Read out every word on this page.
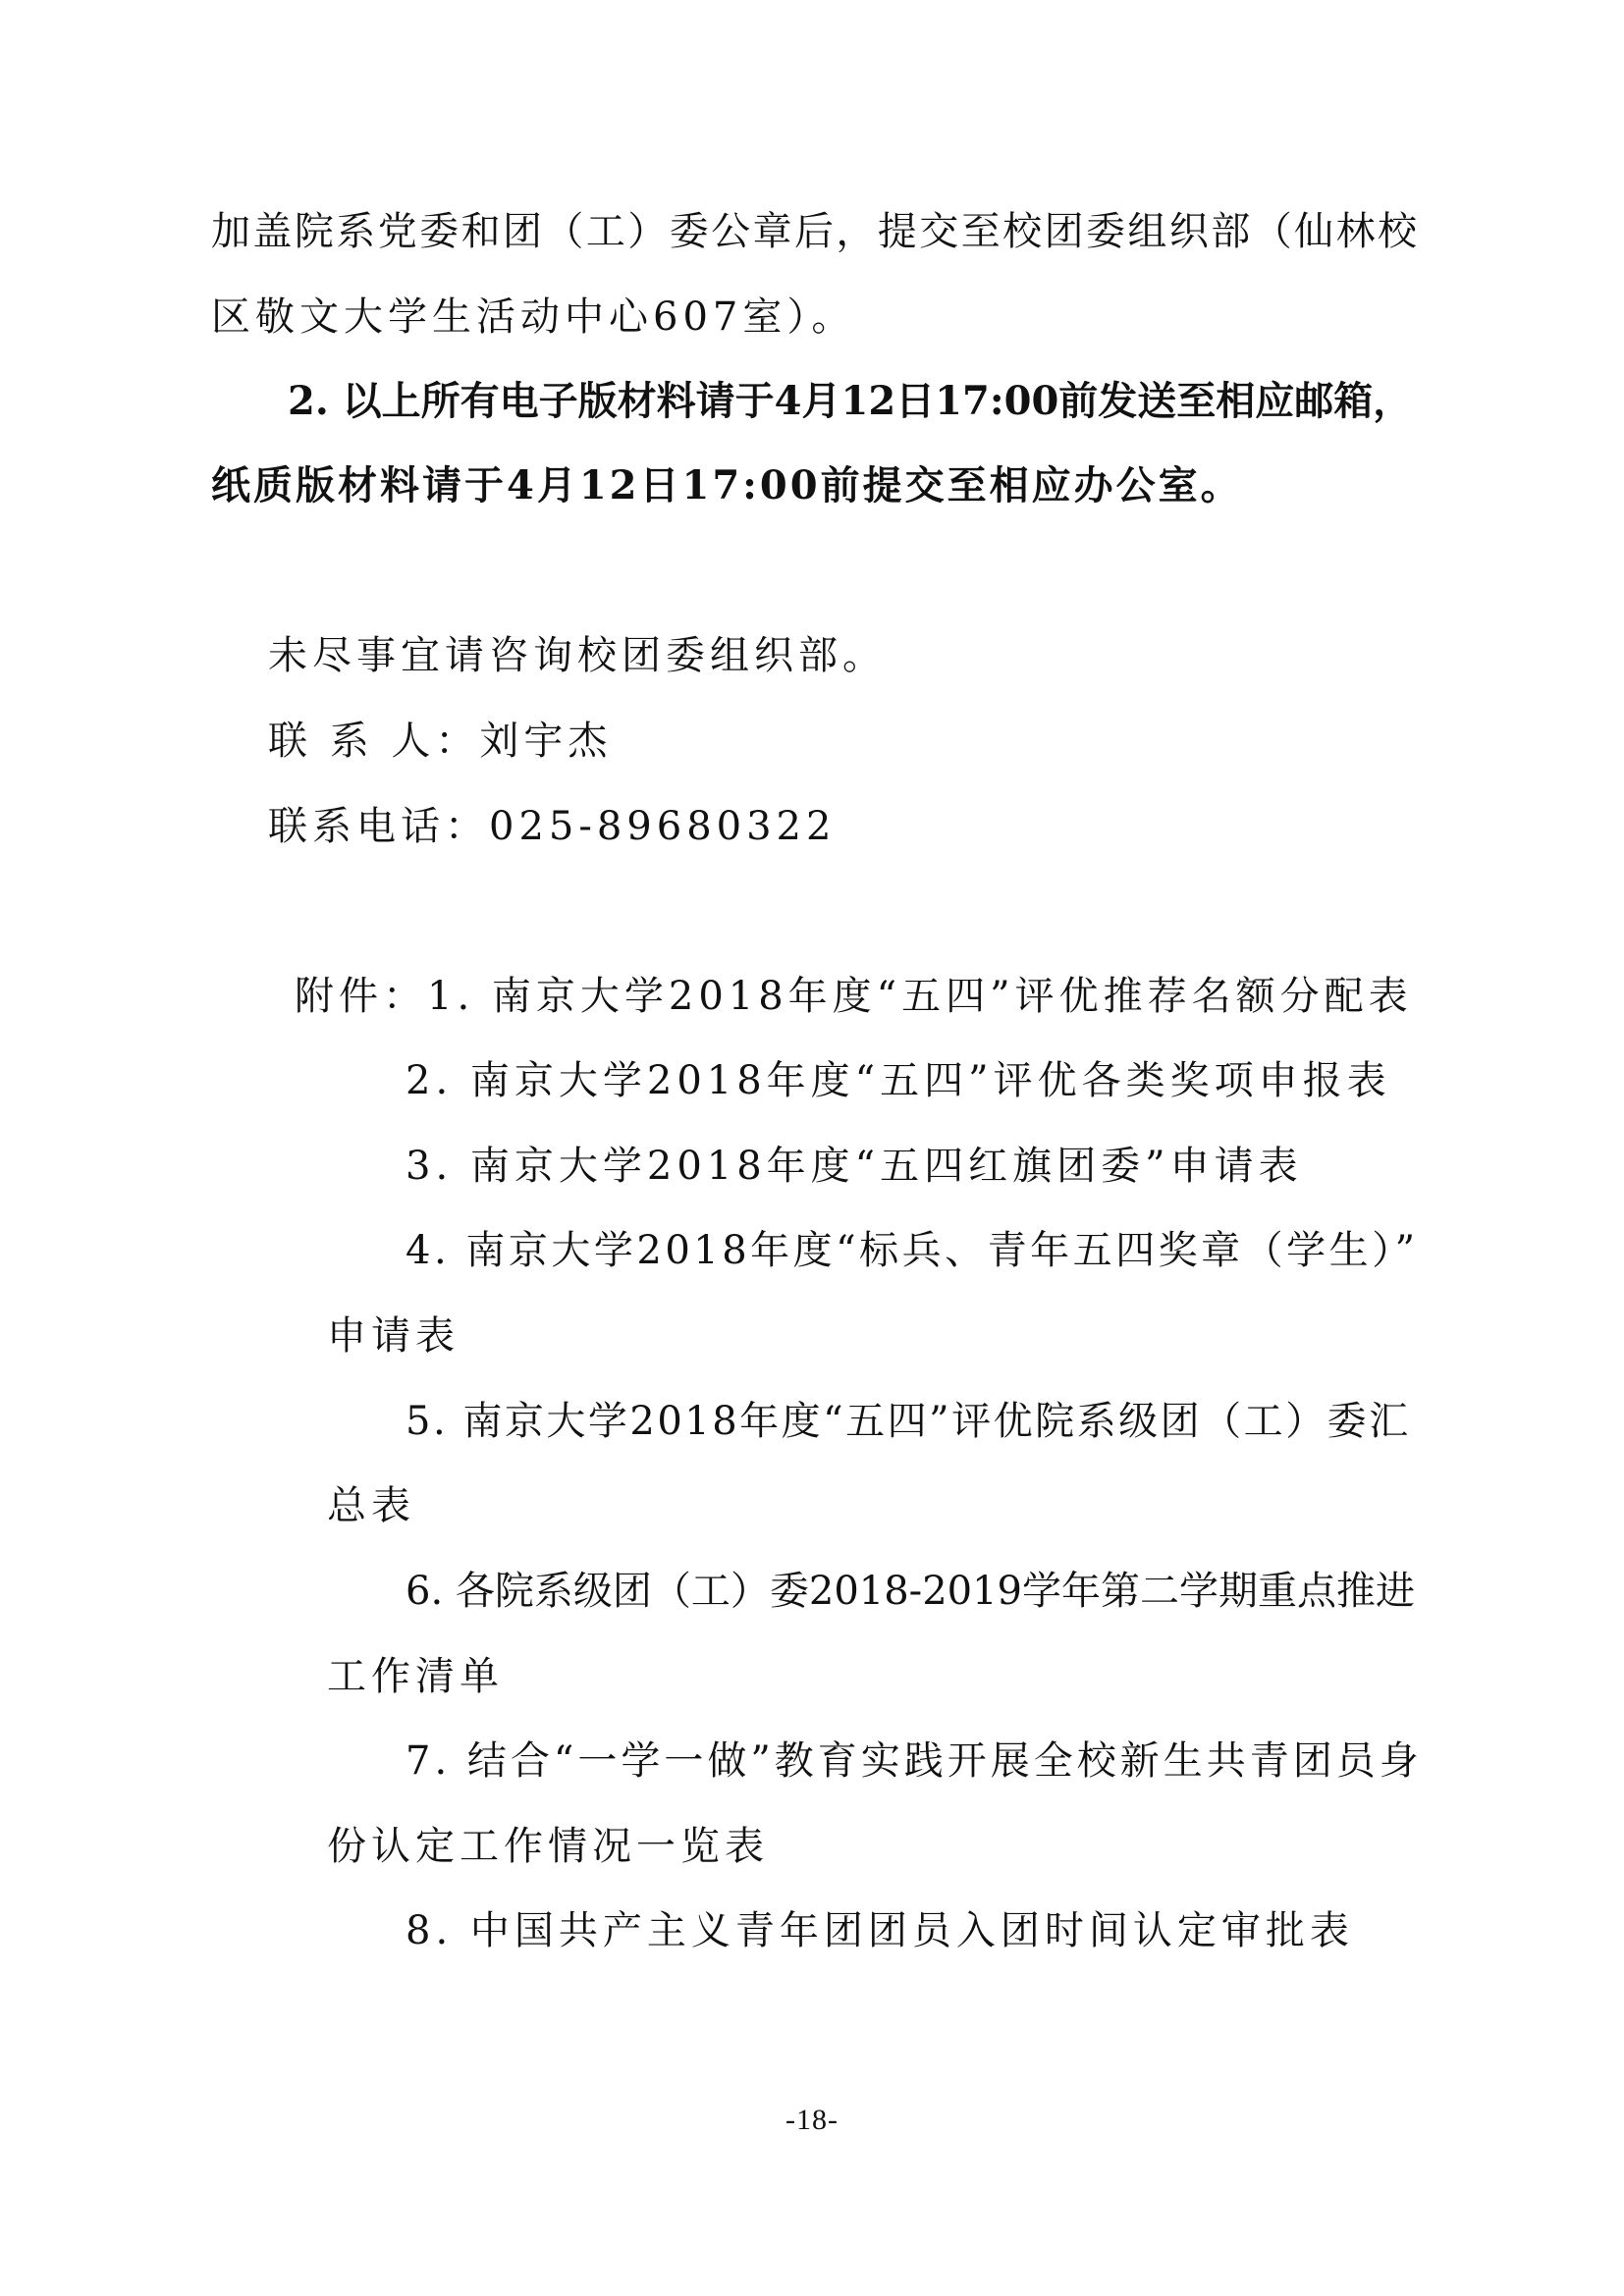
加盖院系党委和团（工）委公章后，提交至校团委组织部（仙林校
区敬文大学生活动中心607室）。
2. 以上所有电子版材料请于4月12日17:00前发送至相应邮箱，
纸质版材料请于4月12日17:00前提交至相应办公室。
未尽事宜请咨询校团委组织部。
联 系 人：刘宇杰
联系电话：025-89680322
附件：1. 南京大学2018年度“五四”评优推荐名额分配表
2. 南京大学2018年度“五四”评优各类奖项申报表
3. 南京大学2018年度“五四红旗团委”申请表
4. 南京大学2018年度“标兵、青年五四奖章（学生）”
申请表
5. 南京大学2018年度“五四”评优院系级团（工）委汇
总表
6. 各院系级团（工）委2018-2019学年第二学期重点推进
工作清单
7. 结合“一学一做”教育实践开展全校新生共青团员身
份认定工作情况一览表
8. 中国共产主义青年团团员入团时间认定审批表
-18-
